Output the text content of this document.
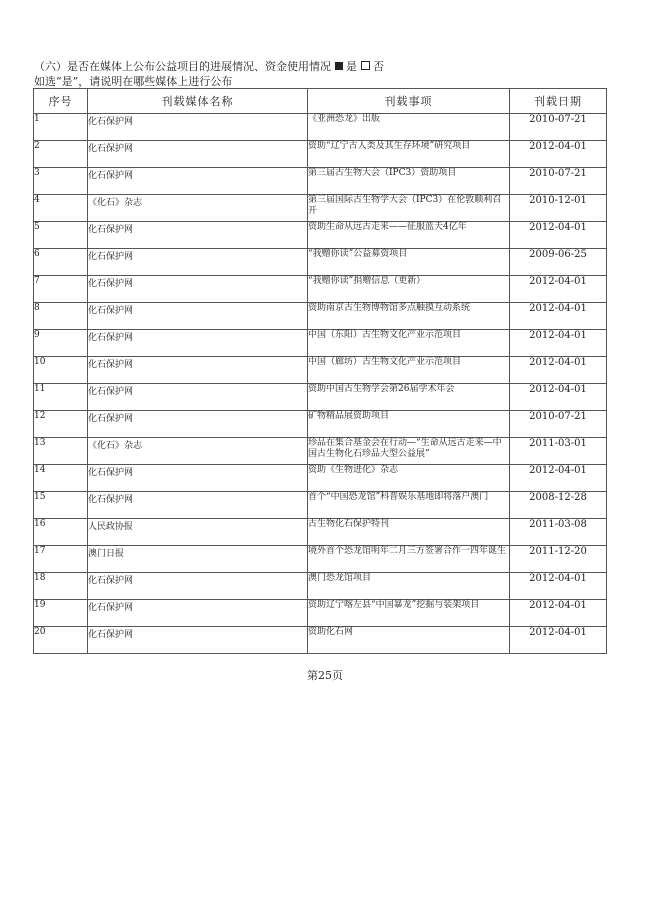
（六）是否在媒体上公布公益项目的进展情况、资金使用情况 是 否
如选“是”，请说明在哪些媒体上进行公布
序号	刊载媒体名称	刊载事项	刊载日期
1	化石保护网	《亚洲恐龙》出版	2010-07-21
2	化石保护网	资助“辽宁古人类及其生存环境”研究项目	2012-04-01
3	化石保护网	第三届古生物大会（IPC3）资助项目	2010-07-21
4	《化石》杂志	第三届国际古生物学大会（IPC3）在伦敦顺利召开	2010-12-01
5	化石保护网	资助生命从远古走来——征服蓝天4亿年	2012-04-01
6	化石保护网	“我赠你读”公益募资项目	2009-06-25
7	化石保护网	“我赠你读”捐赠信息（更新）	2012-04-01
8	化石保护网	资助南京古生物博物馆多点触摸互动系统	2012-04-01
9	化石保护网	中国（东阳）古生物文化产业示范项目	2012-04-01
10	化石保护网	中国（廊坊）古生物文化产业示范项目	2012-04-01
11	化石保护网	资助中国古生物学会第26届学术年会	2012-04-01
12	化石保护网	矿物精品展资助项目	2010-07-21
13	《化石》杂志	珍品在集合基金会在行动—“生命从远古走来—中国古生物化石珍品大型公益展”	2011-03-01
14	化石保护网	资助《生物进化》杂志	2012-04-01
15	化石保护网	首个“中国恐龙馆”科普娱乐基地即将落户澳门	2008-12-28
16	人民政协报	古生物化石保护特刊	2011-03-08
17	澳门日报	境外首个恐龙馆明年二月三方签署合作一四年诞生	2011-12-20
18	化石保护网	澳门恐龙馆项目	2012-04-01
19	化石保护网	资助辽宁喀左县“中国暴龙”挖掘与装架项目	2012-04-01
20	化石保护网	资助化石网	2012-04-01
第25页
